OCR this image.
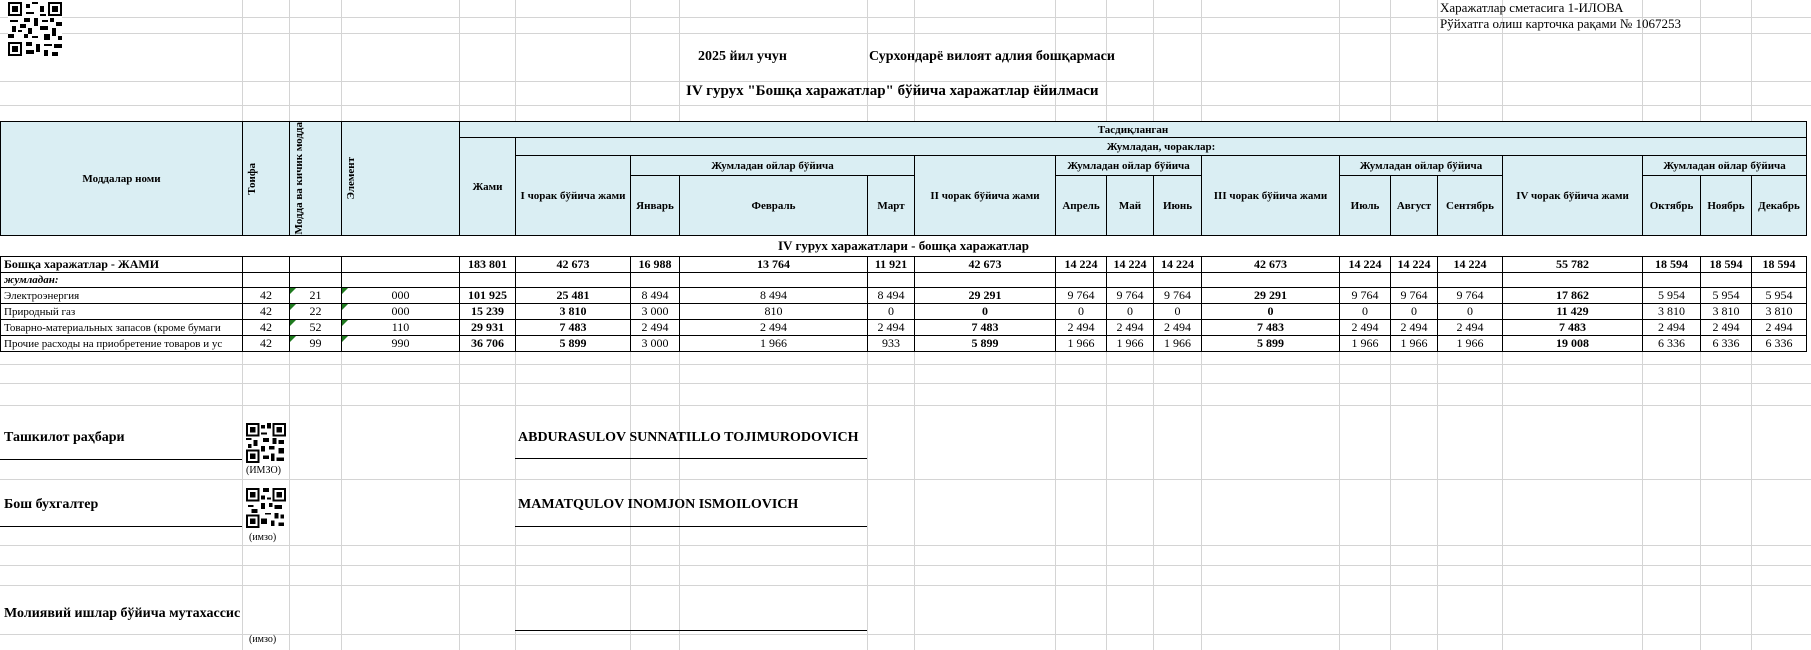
Харажатлар сметасига 1-ИЛОВА
Рўйхатга олиш карточка рақами № 1067253
2025 йил учун	Сурхондарё вилоят адлия бошқармаси
IV гурух "Бошқа харажатлар" бўйича харажатлар ёйилмаси
Моддалар номи	Тоифа	Модда ва кичик модда	Элемент	Тасдиқланган																
				Жами	Жумладан, чораклар:															
					I чорак бўйича жами	Жумладан ойлар бўйича			II чорак бўйича жами	Жумладан ойлар бўйича			III чорак бўйича жами	Жумладан ойлар бўйича			IV чорак бўйича жами	Жумладан ойлар бўйича		
						Январь	Февраль	Март		Апрель	Май	Июнь		Июль	Август	Сентябрь		Октябрь	Ноябрь	Декабрь
IV гурух харажатлари - бошқа харажатлар																				
Бошқа харажатлар - ЖАМИ				183 801	42 673	16 988	13 764	11 921	42 673	14 224	14 224	14 224	42 673	14 224	14 224	14 224	55 782	18 594	18 594	18 594
жумладан:																				
Электроэнергия	42	21	000	101 925	25 481	8 494	8 494	8 494	29 291	9 764	9 764	9 764	29 291	9 764	9 764	9 764	17 862	5 954	5 954	5 954
Природный газ	42	22	000	15 239	3 810	3 000	810	0	0	0	0	0	0	0	0	0	11 429	3 810	3 810	3 810
Товарно-материальных запасов (кроме бумаги	42	52	110	29 931	7 483	2 494	2 494	2 494	7 483	2 494	2 494	2 494	7 483	2 494	2 494	2 494	7 483	2 494	2 494	2 494
Прочие расходы на приобретение товаров и ус	42	99	990	36 706	5 899	3 000	1 966	933	5 899	1 966	1 966	1 966	5 899	1 966	1 966	1 966	19 008	6 336	6 336	6 336
Ташкилот раҳбари
(ИМЗО)
ABDURASULOV SUNNATILLO TOJIMURODOVICH
Бош бухгалтер
(имзо)
MAMATQULOV INOMJON ISMOILOVICH
Молиявий ишлар бўйича мутахассис
(имзо)
